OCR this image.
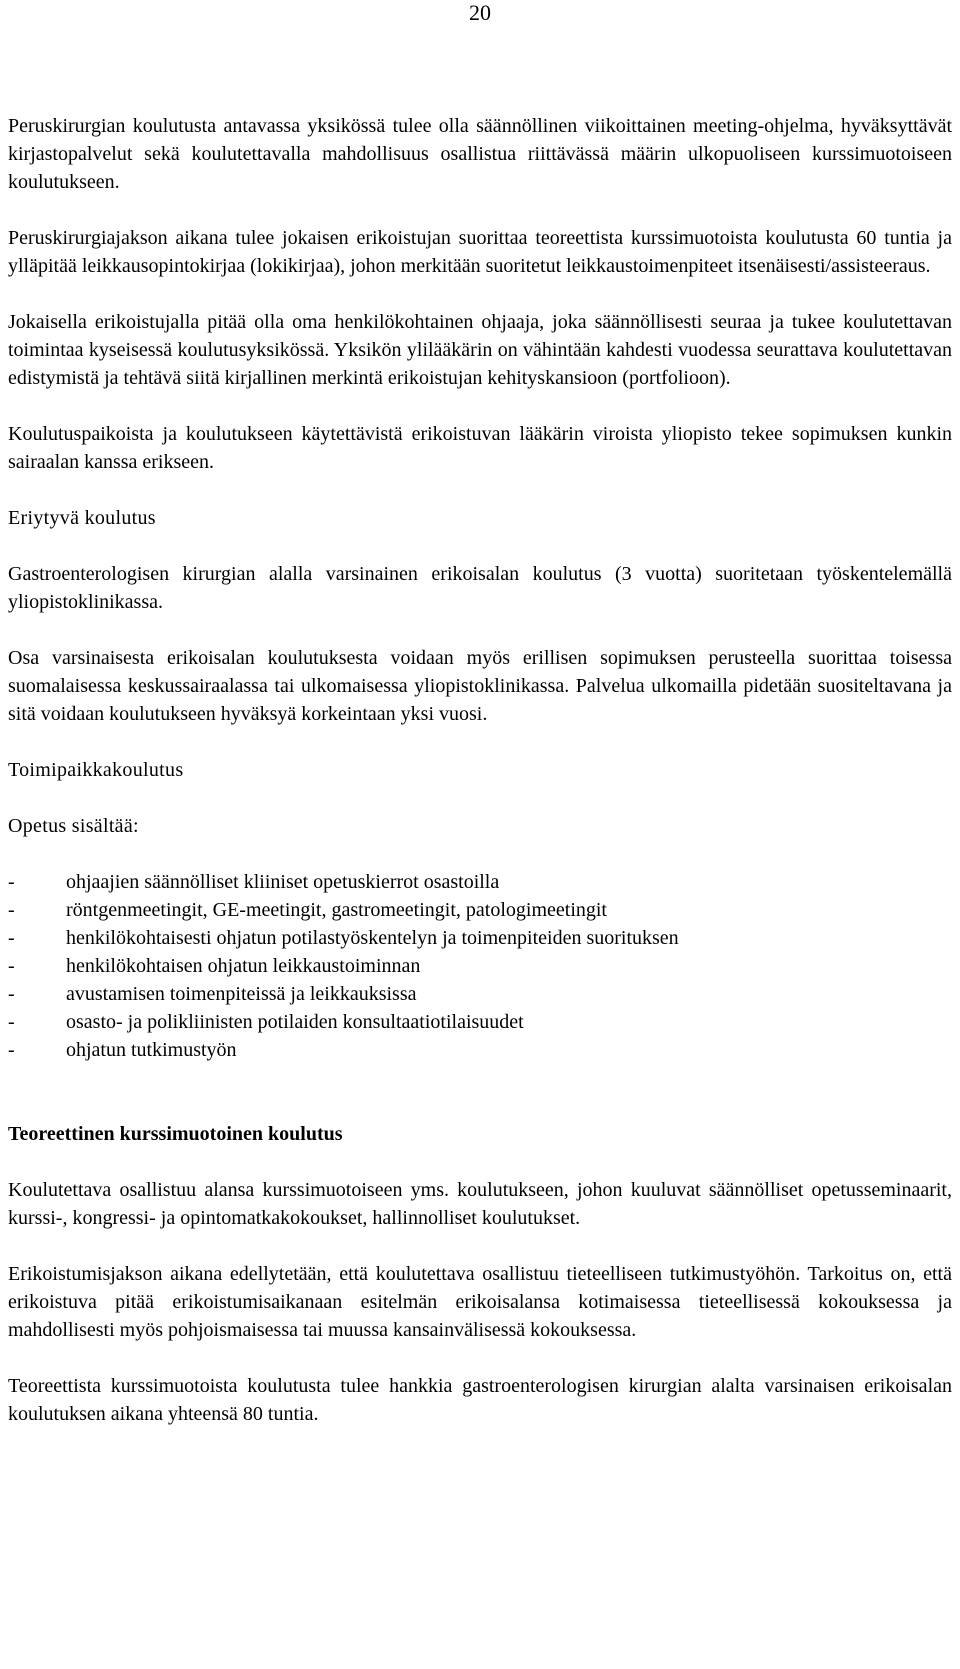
20

Peruskirurgian koulutusta antavassa yksikössä tulee olla säännöllinen viikoittainen meeting-ohjelma, hyväksyttävät kirjastopalvelut sekä koulutettavalla mahdollisuus osallistua riittävässä määrin ulkopuoliseen kurssimuotoiseen koulutukseen.

Peruskirurgiajakson aikana tulee jokaisen erikoistujan suorittaa teoreettista kurssimuotoista koulutusta 60 tuntia ja ylläpitää leikkausopintokirjaa (lokikirjaa), johon merkitään suoritetut leikkaustoimenpiteet itsenäisesti/assisteeraus.

Jokaisella erikoistujalla pitää olla oma henkilökohtainen ohjaaja, joka säännöllisesti seuraa ja tukee koulutettavan toimintaa kyseisessä koulutusyksikössä. Yksikön ylilääkärin on vähintään kahdesti vuodessa seurattava koulutettavan edistymistä ja tehtävä siitä kirjallinen merkintä erikoistujan kehityskansioon (portfolioon).

Koulutuspaikoista ja koulutukseen käytettävistä erikoistuvan lääkärin viroista yliopisto tekee sopimuksen kunkin sairaalan kanssa erikseen.

Eriytyvä koulutus

Gastroenterologisen kirurgian alalla varsinainen erikoisalan koulutus (3 vuotta) suoritetaan työskentelemällä yliopistoklinikassa.

Osa varsinaisesta erikoisalan koulutuksesta voidaan myös erillisen sopimuksen perusteella suorittaa toisessa suomalaisessa keskussairaalassa tai ulkomaisessa yliopistoklinikassa. Palvelua ulkomailla pidetään suositeltavana ja sitä voidaan koulutukseen hyväksyä korkeintaan yksi vuosi.

Toimipaikkakoulutus

Opetus sisältää:

-	ohjaajien säännölliset kliiniset opetuskierrot osastoilla
-	röntgenmeetingit, GE-meetingit, gastromeetingit, patologimeetingit
-	henkilökohtaisesti ohjatun potilastyöskentelyn ja toimenpiteiden suorituksen
-	henkilökohtaisen ohjatun leikkaustoiminnan
-	avustamisen toimenpiteissä ja leikkauksissa
-	osasto- ja polikliinisten potilaiden konsultaatiotilaisuudet
-	ohjatun tutkimustyön

Teoreettinen kurssimuotoinen koulutus

Koulutettava osallistuu alansa kurssimuotoiseen yms. koulutukseen, johon kuuluvat säännölliset opetusseminaarit, kurssi-, kongressi- ja opintomatkakokoukset, hallinnolliset koulutukset.

Erikoistumisjakson aikana edellytetään, että koulutettava osallistuu tieteelliseen tutkimustyöhön. Tarkoitus on, että erikoistuva pitää erikoistumisaikanaan esitelmän erikoisalansa kotimaisessa tieteellisessä kokouksessa ja mahdollisesti myös pohjoismaisessa tai muussa kansainvälisessä kokouksessa.

Teoreettista kurssimuotoista koulutusta tulee hankkia gastroenterologisen kirurgian alalta varsinaisen erikoisalan koulutuksen aikana yhteensä 80 tuntia.
